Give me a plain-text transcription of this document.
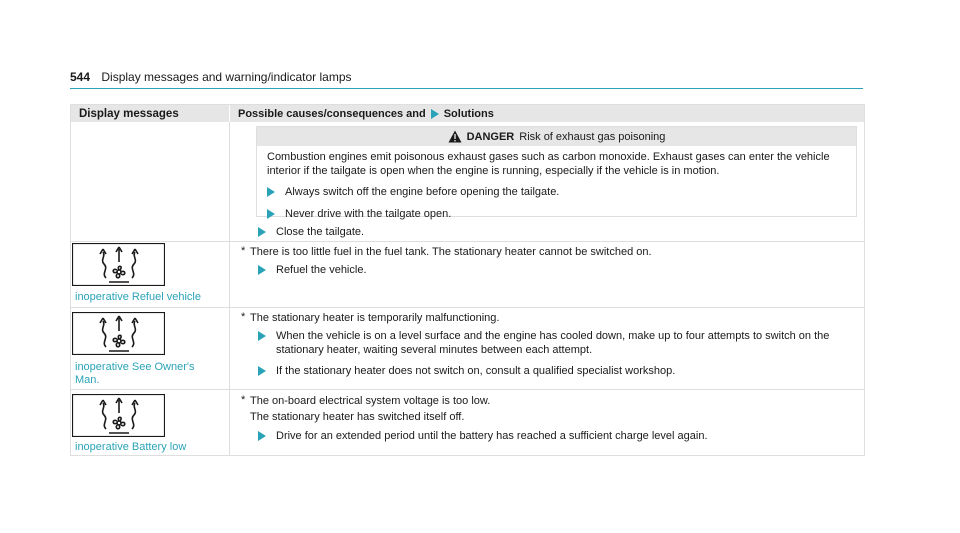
544 Display messages and warning/indicator lamps
Display messages	Possible causes/consequences and Solutions
DANGER Risk of exhaust gas poisoning
Combustion engines emit poisonous exhaust gases such as carbon monoxide. Exhaust gases can enter the vehicle interior if the tailgate is open when the engine is running, especially if the vehicle is in motion.
Always switch off the engine before opening the tailgate.
Never drive with the tailgate open.
Close the tailgate.
inoperative Refuel vehicle
* There is too little fuel in the fuel tank. The stationary heater cannot be switched on.
Refuel the vehicle.
inoperative See Owner's
Man.
* The stationary heater is temporarily malfunctioning.
When the vehicle is on a level surface and the engine has cooled down, make up to four attempts to switch on the stationary heater, waiting several minutes between each attempt.
If the stationary heater does not switch on, consult a qualified specialist workshop.
inoperative Battery low
* The on-board electrical system voltage is too low.
The stationary heater has switched itself off.
Drive for an extended period until the battery has reached a sufficient charge level again.
